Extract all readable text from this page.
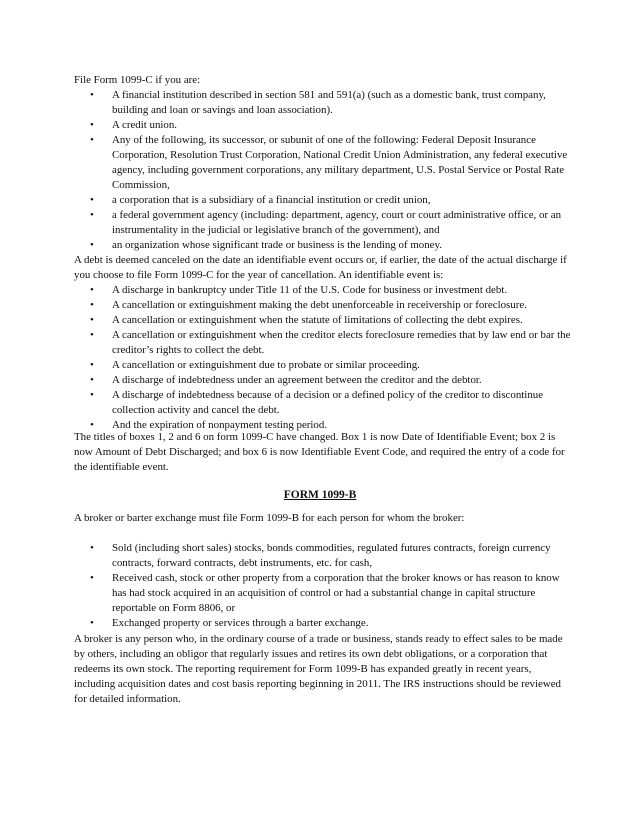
File Form 1099-C if you are:

• A financial institution described in section 581 and 591(a) (such as a domestic bank, trust company, building and loan or savings and loan association).
• A credit union.
• Any of the following, its successor, or subunit of one of the following: Federal Deposit Insurance Corporation, Resolution Trust Corporation, National Credit Union Administration, any federal executive agency, including government corporations, any military department, U.S. Postal Service or Postal Rate Commission,
• a corporation that is a subsidiary of a financial institution or credit union,
• a federal government agency (including: department, agency, court or court administrative office, or an instrumentality in the judicial or legislative branch of the government), and
• an organization whose significant trade or business is the lending of money.

A debt is deemed canceled on the date an identifiable event occurs or, if earlier, the date of the actual discharge if you choose to file Form 1099-C for the year of cancellation. An identifiable event is:

• A discharge in bankruptcy under Title 11 of the U.S. Code for business or investment debt.
• A cancellation or extinguishment making the debt unenforceable in receivership or foreclosure.
• A cancellation or extinguishment when the statute of limitations of collecting the debt expires.
• A cancellation or extinguishment when the creditor elects foreclosure remedies that by law end or bar the creditor’s rights to collect the debt.
• A cancellation or extinguishment due to probate or similar proceeding.
• A discharge of indebtedness under an agreement between the creditor and the debtor.
• A discharge of indebtedness because of a decision or a defined policy of the creditor to discontinue collection activity and cancel the debt.
• And the expiration of nonpayment testing period.

The titles of boxes 1, 2 and 6 on form 1099-C have changed. Box 1 is now Date of Identifiable Event; box 2 is now Amount of Debt Discharged; and box 6 is now Identifiable Event Code, and required the entry of a code for the identifiable event.

FORM 1099-B

A broker or barter exchange must file Form 1099-B for each person for whom the broker:

• Sold (including short sales) stocks, bonds commodities, regulated futures contracts, foreign currency contracts, forward contracts, debt instruments, etc. for cash,
• Received cash, stock or other property from a corporation that the broker knows or has reason to know has had stock acquired in an acquisition of control or had a substantial change in capital structure reportable on Form 8806, or
• Exchanged property or services through a barter exchange.

A broker is any person who, in the ordinary course of a trade or business, stands ready to effect sales to be made by others, including an obligor that regularly issues and retires its own debt obligations, or a corporation that redeems its own stock. The reporting requirement for Form 1099-B has expanded greatly in recent years, including acquisition dates and cost basis reporting beginning in 2011. The IRS instructions should be reviewed for detailed information.
